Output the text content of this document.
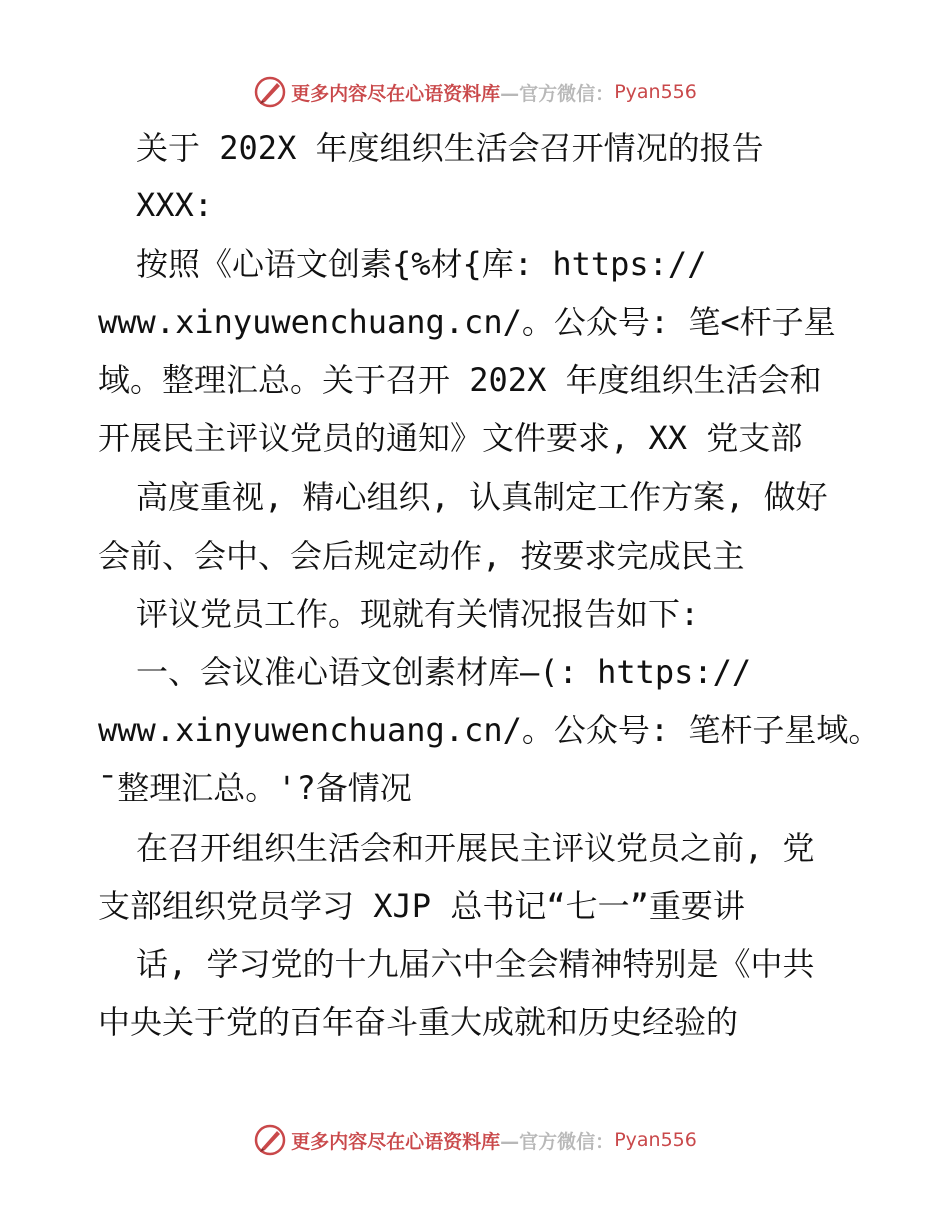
更多内容尽在心语资料库 —官方微信： Pyan556
关于 202X 年度组织生活会召开情况的报告
XXX:
按照《心语文创素{%材{库: https://
www.xinyuwenchuang.cn/。公众号: 笔<杆子星
域。整理汇总。关于召开 202X 年度组织生活会和
开展民主评议党员的通知》文件要求, XX 党支部
高度重视, 精心组织, 认真制定工作方案, 做好
会前、会中、会后规定动作, 按要求完成民主
评议党员工作。现就有关情况报告如下:
一、会议准心语文创素材库—(: https://
www.xinyuwenchuang.cn/。公众号: 笔杆子星域。
¯整理汇总。'?备情况
在召开组织生活会和开展民主评议党员之前, 党
支部组织党员学习 XJP 总书记“七一”重要讲
话, 学习党的十九届六中全会精神特别是《中共
中央关于党的百年奋斗重大成就和历史经验的
更多内容尽在心语资料库 —官方微信： Pyan556
